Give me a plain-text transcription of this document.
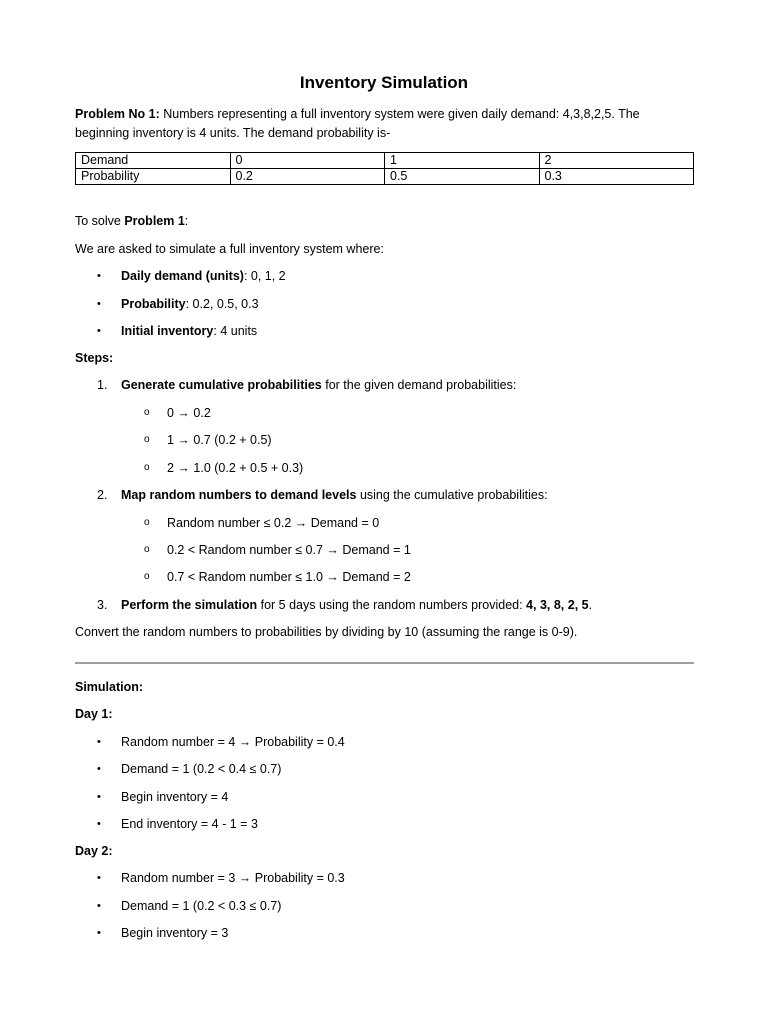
Inventory Simulation
Problem No 1: Numbers representing a full inventory system were given daily demand: 4,3,8,2,5. The
beginning inventory is 4 units. The demand probability is-
Demand	0	1	2
Probability	0.2	0.5	0.3
To solve Problem 1:
We are asked to simulate a full inventory system where:
• Daily demand (units): 0, 1, 2
• Probability: 0.2, 0.5, 0.3
• Initial inventory: 4 units
Steps:
1. Generate cumulative probabilities for the given demand probabilities:
o 0 → 0.2
o 1 → 0.7 (0.2 + 0.5)
o 2 → 1.0 (0.2 + 0.5 + 0.3)
2. Map random numbers to demand levels using the cumulative probabilities:
o Random number ≤ 0.2 → Demand = 0
o 0.2 < Random number ≤ 0.7 → Demand = 1
o 0.7 < Random number ≤ 1.0 → Demand = 2
3. Perform the simulation for 5 days using the random numbers provided: 4, 3, 8, 2, 5.
Convert the random numbers to probabilities by dividing by 10 (assuming the range is 0-9).
Simulation:
Day 1:
• Random number = 4 → Probability = 0.4
• Demand = 1 (0.2 < 0.4 ≤ 0.7)
• Begin inventory = 4
• End inventory = 4 - 1 = 3
Day 2:
• Random number = 3 → Probability = 0.3
• Demand = 1 (0.2 < 0.3 ≤ 0.7)
• Begin inventory = 3
